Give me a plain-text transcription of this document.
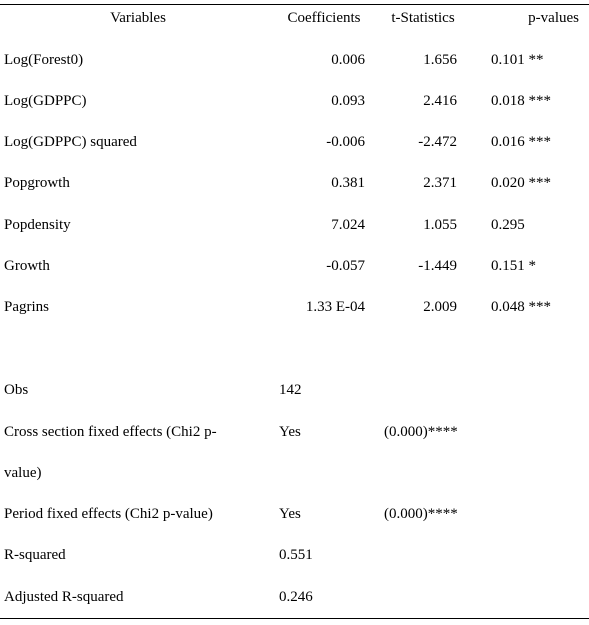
Variables	Coefficients	t-Statistics	p-values
Log(Forest0)	0.006	1.656 0.101 **
Log(GDPPC)	0.093	2.416 0.018 ***
Log(GDPPC) squared	-0.006	-2.472 0.016 ***
Popgrowth	0.381	2.371 0.020 ***
Popdensity	7.024	1.055 0.295
Growth	-0.057	-1.449 0.151 *
Pagrins	1.33 E-04	2.009 0.048 ***
Obs	142
Cross section fixed effects (Chi2 p-	Yes	(0.000)****
value)
Period fixed effects (Chi2 p-value)	Yes	(0.000)****
R-squared	0.551
Adjusted R-squared	0.246
